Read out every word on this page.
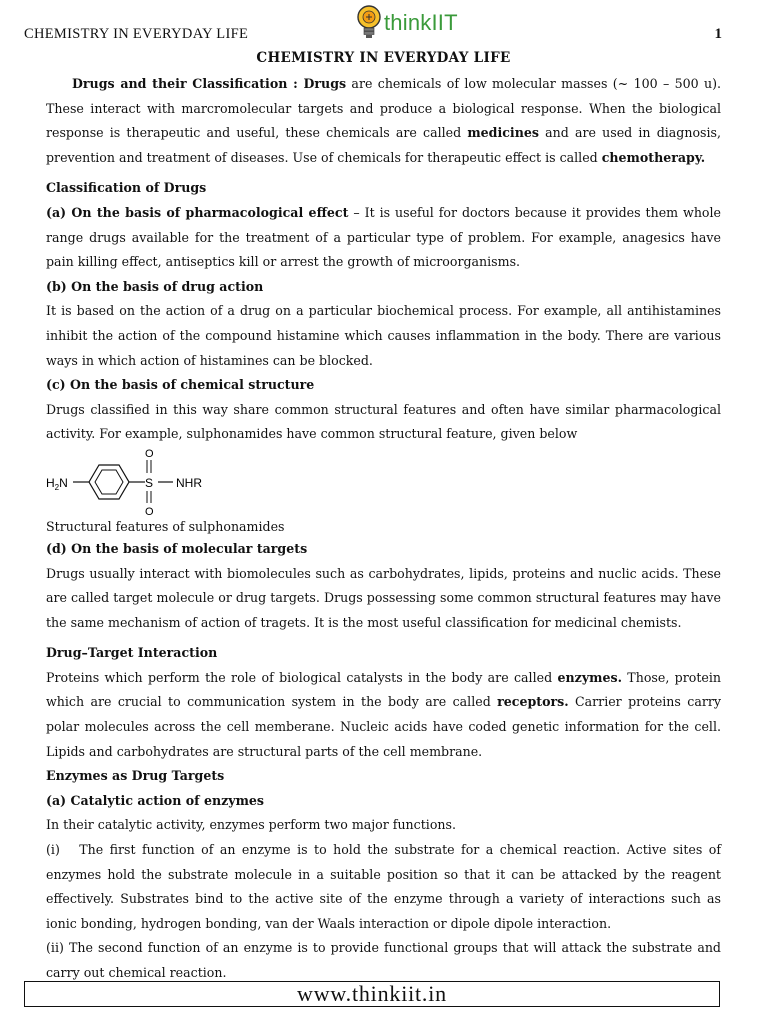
CHEMISTRY IN EVERYDAY LIFE	1
thinkIIT
CHEMISTRY IN EVERYDAY LIFE

Drugs and their Classification : Drugs are chemicals of low molecular masses (~ 100 – 500 u). These interact with marcromolecular targets and produce a biological response. When the biological response is therapeutic and useful, these chemicals are called medicines and are used in diagnosis, prevention and treatment of diseases. Use of chemicals for therapeutic effect is called chemotherapy.

Classification of Drugs

(a) On the basis of pharmacological effect – It is useful for doctors because it provides them whole range drugs available for the treatment of a particular type of problem. For example, anagesics have pain killing effect, antiseptics kill or arrest the growth of microorganisms.

(b) On the basis of drug action

It is based on the action of a drug on a particular biochemical process. For example, all antihistamines inhibit the action of the compound histamine which causes inflammation in the body. There are various ways in which action of histamines can be blocked.

(c) On the basis of chemical structure

Drugs classified in this way share common structural features and often have similar pharmacological activity. For example, sulphonamides have common structural feature, given below

$H_2N$
O
S
O
NHR

Structural features of sulphonamides

(d) On the basis of molecular targets

Drugs usually interact with biomolecules such as carbohydrates, lipids, proteins and nuclic acids. These are called target molecule or drug targets. Drugs possessing some common structural features may have the same mechanism of action of tragets. It is the most useful classification for medicinal chemists.

Drug–Target Interaction

Proteins which perform the role of biological catalysts in the body are called enzymes. Those, protein which are crucial to communication system in the body are called receptors. Carrier proteins carry polar molecules across the cell memberane. Nucleic acids have coded genetic information for the cell. Lipids and carbohydrates are structural parts of the cell membrane.

Enzymes as Drug Targets
(a) Catalytic action of enzymes

In their catalytic activity, enzymes perform two major functions.

(i)   The first function of an enzyme is to hold the substrate for a chemical reaction. Active sites of enzymes hold the substrate molecule in a suitable position so that it can be attacked by the reagent effectively. Substrates bind to the active site of the enzyme through a variety of interactions such as ionic bonding, hydrogen bonding, van der Waals interaction or dipole dipole interaction.

(ii) The second function of an enzyme is to provide functional groups that will attack the substrate and carry out chemical reaction.

www.thinkiit.in
